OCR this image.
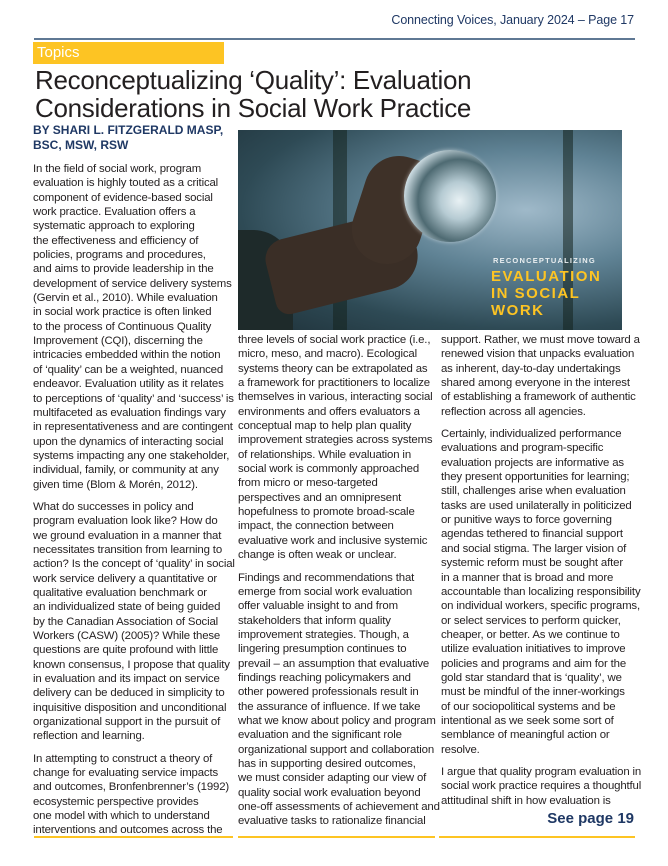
Connecting Voices, January 2024 – Page 17
Topics
Reconceptualizing ‘Quality’: Evaluation
Considerations in Social Work Practice
BY SHARI L. FITZGERALD MASP,
BSC, MSW, RSW
RECONCEPTUALIZING
EVALUATION
IN SOCIAL
WORK
In the field of social work, program
evaluation is highly touted as a critical
component of evidence-based social
work practice. Evaluation offers a
systematic approach to exploring
the effectiveness and efficiency of
policies, programs and procedures,
and aims to provide leadership in the
development of service delivery systems
(Gervin et al., 2010). While evaluation
in social work practice is often linked
to the process of Continuous Quality
Improvement (CQI), discerning the
intricacies embedded within the notion
of ‘quality’ can be a weighted, nuanced
endeavor. Evaluation utility as it relates
to perceptions of ‘quality’ and ‘success’ is
multifaceted as evaluation findings vary
in representativeness and are contingent
upon the dynamics of interacting social
systems impacting any one stakeholder,
individual, family, or community at any
given time (Blom & Morén, 2012).
What do successes in policy and
program evaluation look like? How do
we ground evaluation in a manner that
necessitates transition from learning to
action? Is the concept of ‘quality’ in social
work service delivery a quantitative or
qualitative evaluation benchmark or
an individualized state of being guided
by the Canadian Association of Social
Workers (CASW) (2005)? While these
questions are quite profound with little
known consensus, I propose that quality
in evaluation and its impact on service
delivery can be deduced in simplicity to
inquisitive disposition and unconditional
organizational support in the pursuit of
reflection and learning.
In attempting to construct a theory of
change for evaluating service impacts
and outcomes, Bronfenbrenner’s (1992)
ecosystemic perspective provides
one model with which to understand
interventions and outcomes across the
three levels of social work practice (i.e.,
micro, meso, and macro). Ecological
systems theory can be extrapolated as
a framework for practitioners to localize
themselves in various, interacting social
environments and offers evaluators a
conceptual map to help plan quality
improvement strategies across systems
of relationships. While evaluation in
social work is commonly approached
from micro or meso-targeted
perspectives and an omnipresent
hopefulness to promote broad-scale
impact, the connection between
evaluative work and inclusive systemic
change is often weak or unclear.
Findings and recommendations that
emerge from social work evaluation
offer valuable insight to and from
stakeholders that inform quality
improvement strategies. Though, a
lingering presumption continues to
prevail – an assumption that evaluative
findings reaching policymakers and
other powered professionals result in
the assurance of influence. If we take
what we know about policy and program
evaluation and the significant role
organizational support and collaboration
has in supporting desired outcomes,
we must consider adapting our view of
quality social work evaluation beyond
one-off assessments of achievement and
evaluative tasks to rationalize financial
support. Rather, we must move toward a
renewed vision that unpacks evaluation
as inherent, day-to-day undertakings
shared among everyone in the interest
of establishing a framework of authentic
reflection across all agencies.
Certainly, individualized performance
evaluations and program-specific
evaluation projects are informative as
they present opportunities for learning;
still, challenges arise when evaluation
tasks are used unilaterally in politicized
or punitive ways to force governing
agendas tethered to financial support
and social stigma. The larger vision of
systemic reform must be sought after
in a manner that is broad and more
accountable than localizing responsibility
on individual workers, specific programs,
or select services to perform quicker,
cheaper, or better. As we continue to
utilize evaluation initiatives to improve
policies and programs and aim for the
gold star standard that is ‘quality’, we
must be mindful of the inner-workings
of our sociopolitical systems and be
intentional as we seek some sort of
semblance of meaningful action or
resolve.
I argue that quality program evaluation in
social work practice requires a thoughtful
attitudinal shift in how evaluation is
See page 19
